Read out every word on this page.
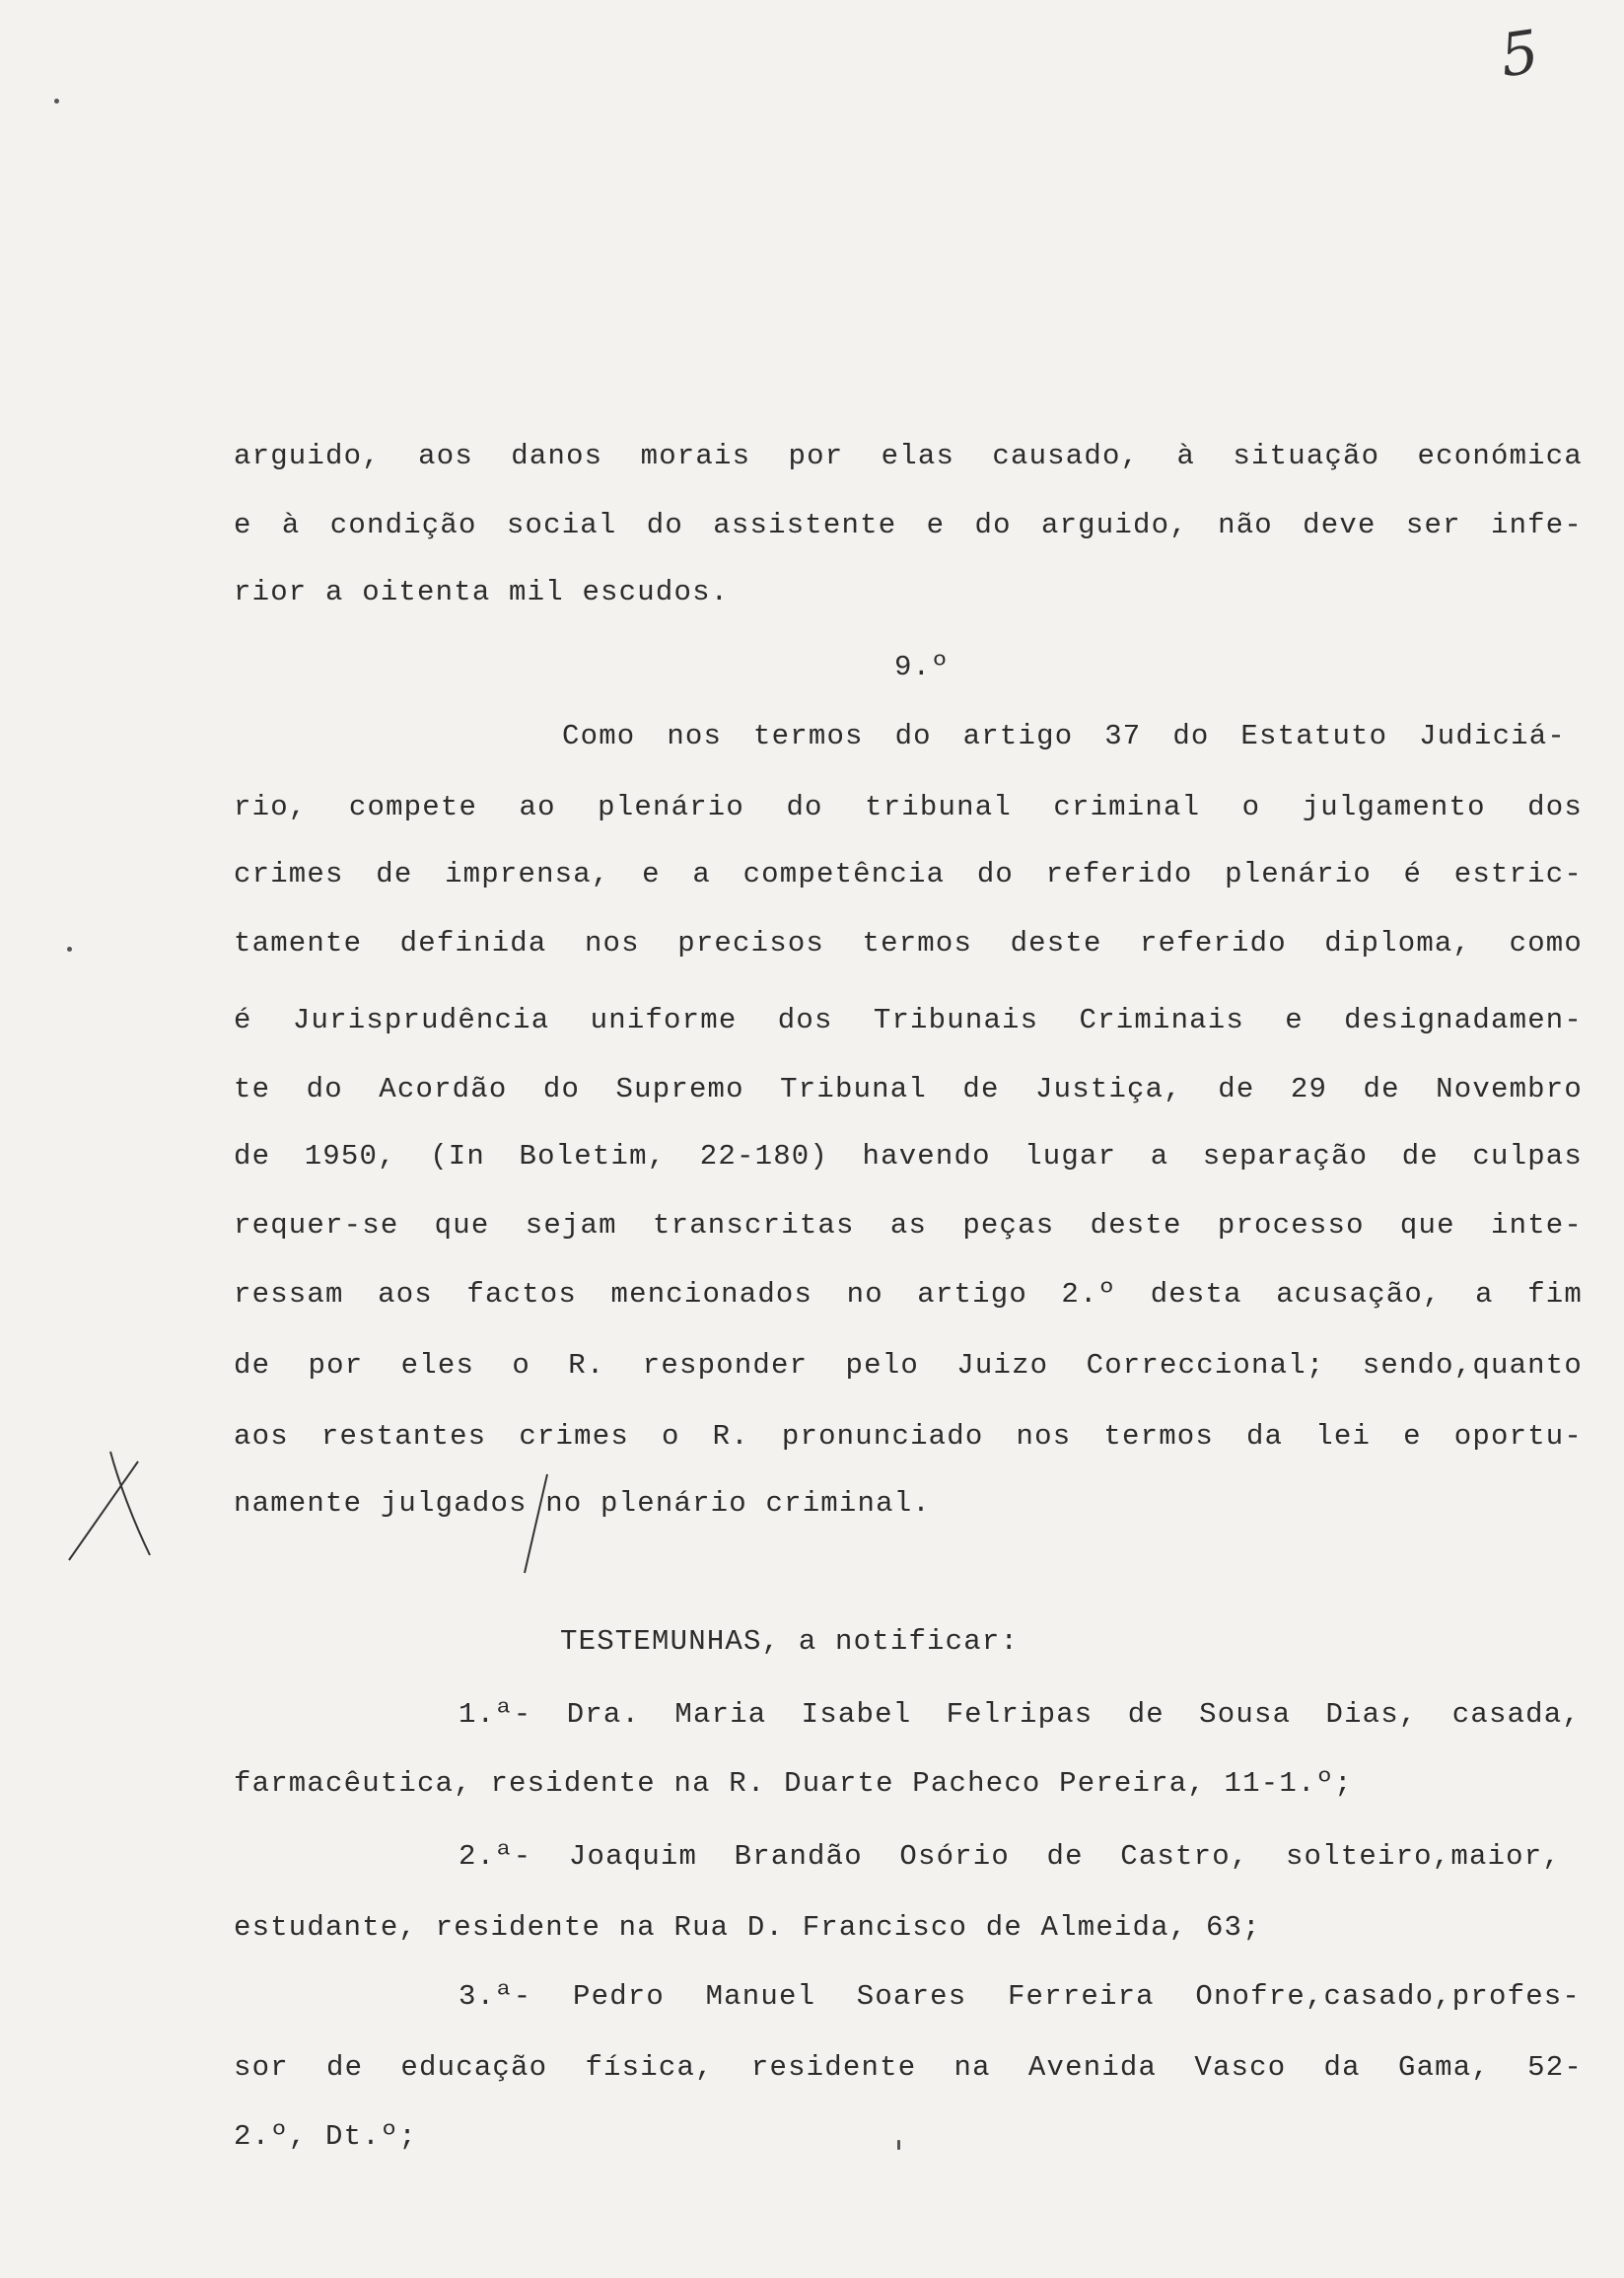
5
arguido, aos danos morais por elas causado, à situação económica
e à condição social do assistente e do arguido, não deve ser infe-
rior a oitenta mil escudos.
9.º
Como nos termos do artigo 37 do Estatuto Judiciá-
rio, compete ao plenário do tribunal criminal o julgamento dos
crimes de imprensa, e a competência do referido plenário é estric-
tamente definida nos precisos termos deste referido diploma, como
é Jurisprudência uniforme dos Tribunais Criminais e designadamen-
te do Acordão do Supremo Tribunal de Justiça, de 29 de Novembro
de 1950, (In Boletim, 22-180) havendo lugar a separação de culpas
requer-se que sejam transcritas as peças deste processo que inte-
ressam aos factos mencionados no artigo 2.º desta acusação, a fim
de por eles o R. responder pelo Juizo Correccional; sendo,quanto
aos restantes crimes o R. pronunciado nos termos da lei e oportu-
namente julgados no plenário criminal.
TESTEMUNHAS, a notificar:
1.ª- Dra. Maria Isabel Felripas de Sousa Dias, casada,
farmacêutica, residente na R. Duarte Pacheco Pereira, 11-1.º;
2.ª- Joaquim Brandão Osório de Castro, solteiro,maior,
estudante, residente na Rua D. Francisco de Almeida, 63;
3.ª- Pedro Manuel Soares Ferreira Onofre,casado,profes-
sor de educação física, residente na Avenida Vasco da Gama, 52-
2.º, Dt.º;
